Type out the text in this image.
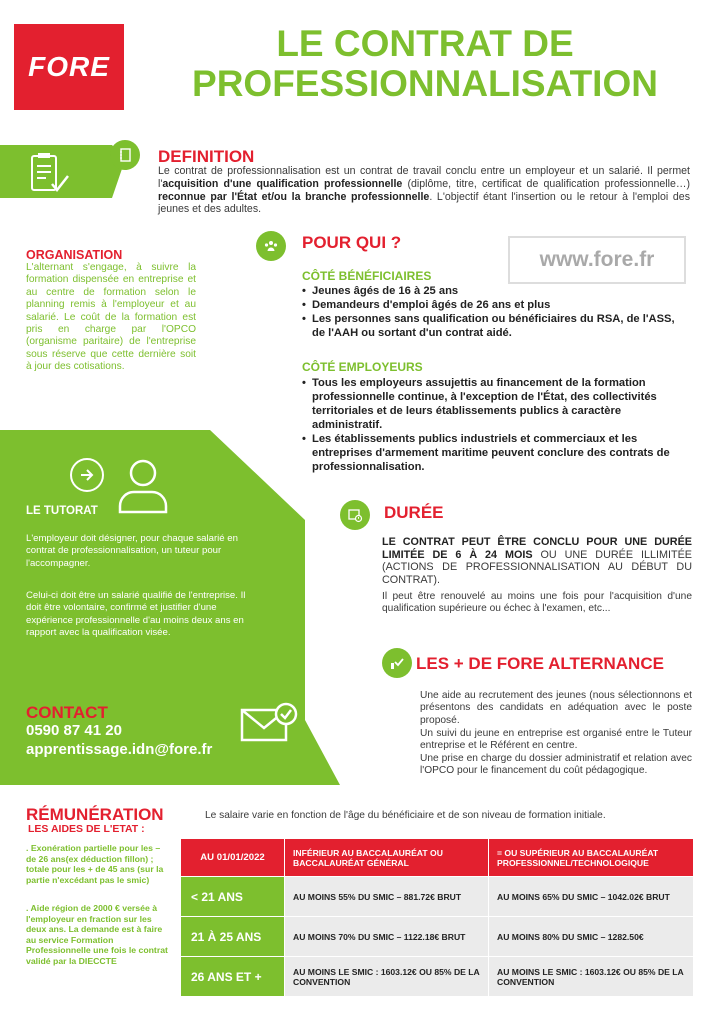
FORE
LE CONTRAT DE
PROFESSIONNALISATION
DEFINITION
Le contrat de professionnalisation est un contrat de travail conclu entre un employeur et un salarié. Il permet l'acquisition d'une qualification professionnelle (diplôme, titre, certificat de qualification professionnelle…) reconnue par l'État et/ou la branche professionnelle. L'objectif étant l'insertion ou le retour à l'emploi des jeunes et des adultes.
ORGANISATION
L'alternant s'engage, à suivre la formation dispensée en entreprise et au centre de formation selon le planning remis à l'employeur et au salarié. Le coût de la formation est pris en charge par l'OPCO (organisme paritaire) de l'entreprise sous réserve que cette dernière soit à jour des cotisations.
POUR QUI ?
www.fore.fr
CÔTÉ BÉNÉFICIAIRES
• Jeunes âgés de 16 à 25 ans
• Demandeurs d'emploi âgés de 26 ans et plus
• Les personnes sans qualification ou bénéficiaires du RSA, de l'ASS, de l'AAH ou sortant d'un contrat aidé.
CÔTÉ EMPLOYEURS
• Tous les employeurs assujettis au financement de la formation professionnelle continue, à l'exception de l'État, des collectivités territoriales et de leurs établissements publics à caractère administratif.
• Les établissements publics industriels et commerciaux et les entreprises d'armement maritime peuvent conclure des contrats de professionnalisation.
LE TUTORAT
L'employeur doit désigner, pour chaque salarié en contrat de professionnalisation, un tuteur pour l'accompagner.
Celui-ci doit être un salarié qualifié de l'entreprise. Il doit être volontaire, confirmé et justifier d'une expérience professionnelle d'au moins deux ans en rapport avec la qualification visée.
DURÉE
LE CONTRAT PEUT ÊTRE CONCLU POUR UNE DURÉE LIMITÉE DE 6 À 24 MOIS OU UNE DURÉE ILLIMITÉE (ACTIONS DE PROFESSIONNALISATION AU DÉBUT DU CONTRAT).
Il peut être renouvelé au moins une fois pour l'acquisition d'une qualification supérieure ou échec à l'examen, etc...
LES + DE FORE ALTERNANCE
Une aide au recrutement des jeunes (nous sélectionnons et présentons des candidats en adéquation avec le poste proposé.
Un suivi du jeune en entreprise est organisé entre le Tuteur entreprise et le Référent en centre.
Une prise en charge du dossier administratif et relation avec l'OPCO pour le financement du coût pédagogique.
CONTACT
0590 87 41 20
apprentissage.idn@fore.fr
RÉMUNÉRATION
LES AIDES DE L'ETAT :
Le salaire varie en fonction de l'âge du bénéficiaire et de son niveau de formation initiale.
. Exonération partielle pour les – de 26 ans(ex déduction fillon) ; totale pour les + de 45 ans (sur la partie n'excédant pas le smic)
. Aide région de 2000 € versée à l'employeur en fraction sur les deux ans. La demande est à faire au service Formation Professionnelle une fois le contrat validé par la DIECCTE
AU 01/01/2022	INFÉRIEUR AU BACCALAURÉAT OU BACCALAURÉAT GÉNÉRAL	= OU SUPÉRIEUR AU BACCALAURÉAT PROFESSIONNEL/TECHNOLOGIQUE
< 21 ANS	AU MOINS 55% DU SMIC – 881.72€ BRUT	AU MOINS 65% DU SMIC – 1042.02€ BRUT
21 À 25 ANS	AU MOINS 70% DU SMIC – 1122.18€ BRUT	AU MOINS 80% DU SMIC – 1282.50€
26 ANS ET +	AU MOINS LE SMIC : 1603.12€ OU 85% DE LA CONVENTION	AU MOINS LE SMIC : 1603.12€ OU 85% DE LA CONVENTION
